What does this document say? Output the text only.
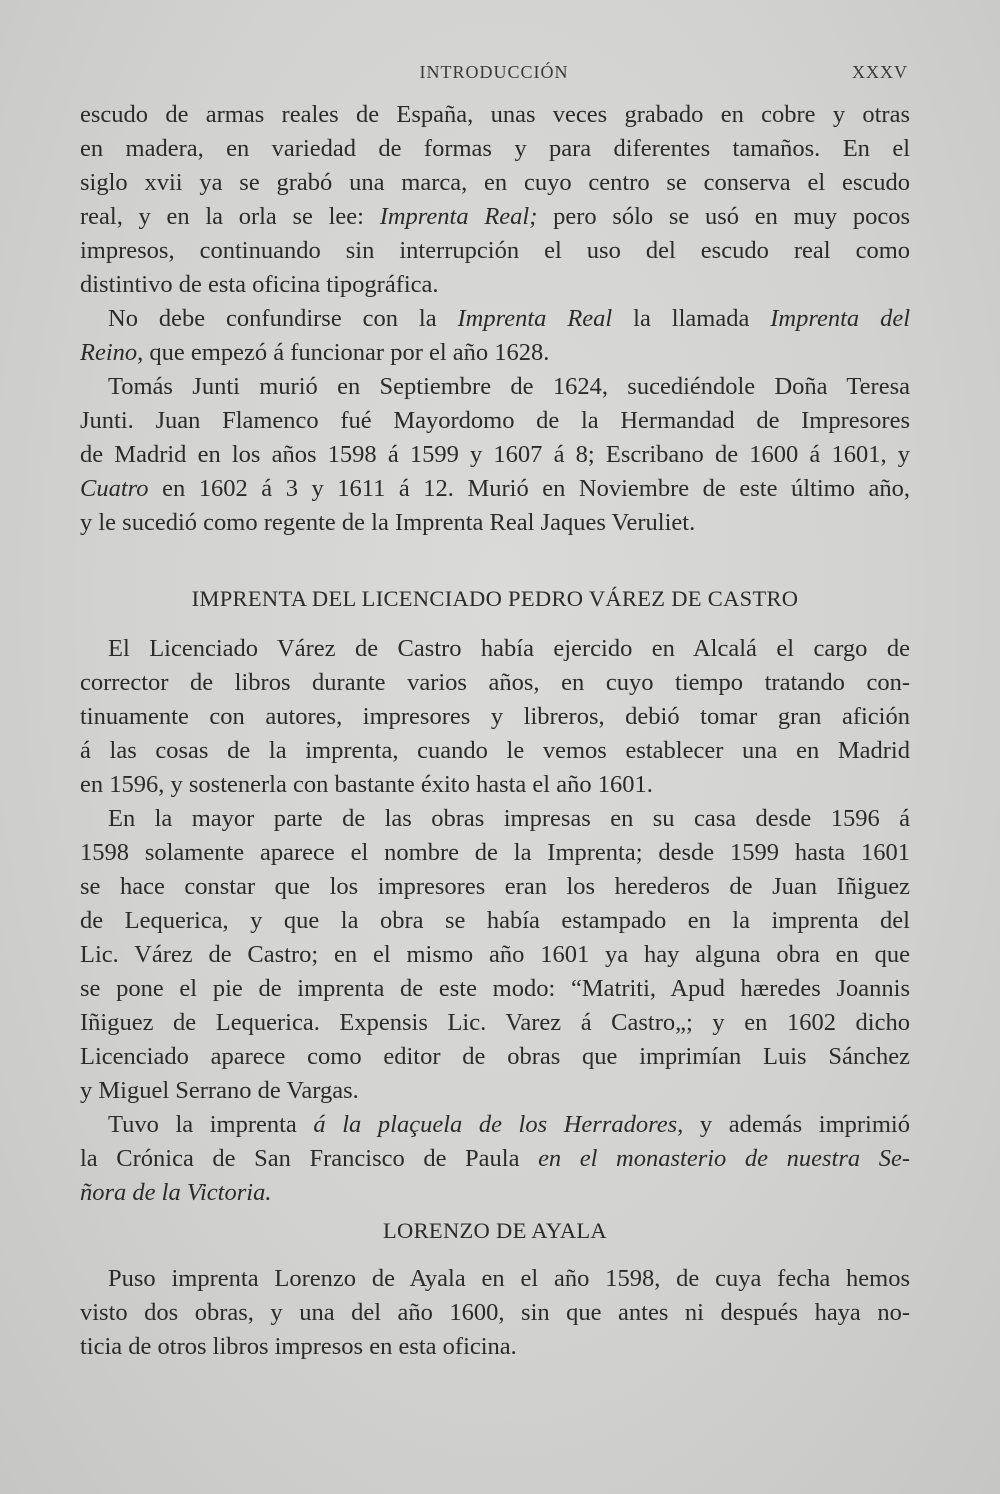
INTRODUCCIÓN	XXXV
escudo de armas reales de España, unas veces grabado en cobre y otras
en madera, en variedad de formas y para diferentes tamaños. En el
siglo xvii ya se grabó una marca, en cuyo centro se conserva el escudo
real, y en la orla se lee: Imprenta Real; pero sólo se usó en muy pocos
impresos, continuando sin interrupción el uso del escudo real como
distintivo de esta oficina tipográfica.
No debe confundirse con la Imprenta Real la llamada Imprenta del
Reino, que empezó á funcionar por el año 1628.
Tomás Junti murió en Septiembre de 1624, sucediéndole Doña Teresa
Junti. Juan Flamenco fué Mayordomo de la Hermandad de Impresores
de Madrid en los años 1598 á 1599 y 1607 á 8; Escribano de 1600 á 1601, y
Cuatro en 1602 á 3 y 1611 á 12. Murió en Noviembre de este último año,
y le sucedió como regente de la Imprenta Real Jaques Veruliet.
IMPRENTA DEL LICENCIADO PEDRO VÁREZ DE CASTRO
El Licenciado Várez de Castro había ejercido en Alcalá el cargo de
corrector de libros durante varios años, en cuyo tiempo tratando con-
tinuamente con autores, impresores y libreros, debió tomar gran afición
á las cosas de la imprenta, cuando le vemos establecer una en Madrid
en 1596, y sostenerla con bastante éxito hasta el año 1601.
En la mayor parte de las obras impresas en su casa desde 1596 á
1598 solamente aparece el nombre de la Imprenta; desde 1599 hasta 1601
se hace constar que los impresores eran los herederos de Juan Iñiguez
de Lequerica, y que la obra se había estampado en la imprenta del
Lic. Várez de Castro; en el mismo año 1601 ya hay alguna obra en que
se pone el pie de imprenta de este modo: “Matriti, Apud hæredes Joannis
Iñiguez de Lequerica. Expensis Lic. Varez á Castro„; y en 1602 dicho
Licenciado aparece como editor de obras que imprimían Luis Sánchez
y Miguel Serrano de Vargas.
Tuvo la imprenta á la plaçuela de los Herradores, y además imprimió
la Crónica de San Francisco de Paula en el monasterio de nuestra Se-
ñora de la Victoria.
LORENZO DE AYALA
Puso imprenta Lorenzo de Ayala en el año 1598, de cuya fecha hemos
visto dos obras, y una del año 1600, sin que antes ni después haya no-
ticia de otros libros impresos en esta oficina.
